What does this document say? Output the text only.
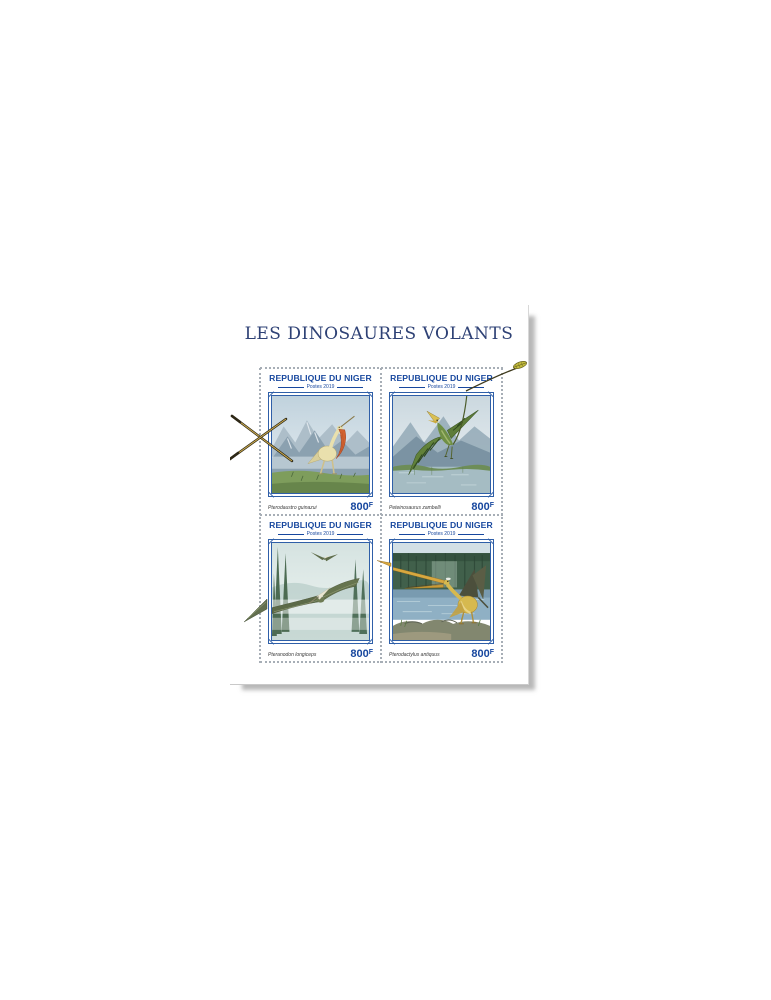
LES DINOSAURES VOLANTS
REPUBLIQUE DU NIGER
Postes 2019
Pterodaustro guinazui	$800^F$
REPUBLIQUE DU NIGER
Postes 2019
Peteinosaurus zambelli	$800^F$
REPUBLIQUE DU NIGER
Postes 2019
Pteranodon longiceps	$800^F$
REPUBLIQUE DU NIGER
Postes 2019
Pterodactylus antiquus	$800^F$
